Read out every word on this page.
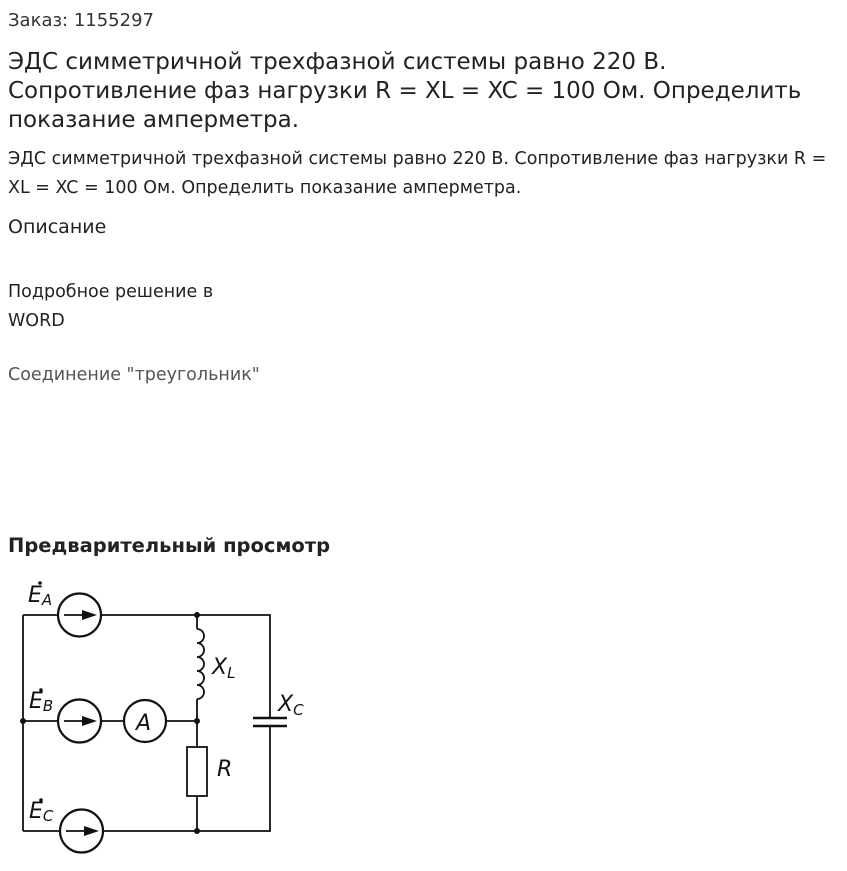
Заказ: 1155297
ЭДС симметричной трехфазной системы равно 220 В. Сопротивление фаз нагрузки R = XL = XC = 100 Ом. Определить показание амперметра.
ЭДС симметричной трехфазной системы равно 220 В. Сопротивление фаз нагрузки R = XL = XC = 100 Ом. Определить показание амперметра.
Описание
Подробное решение в WORD
Соединение "треугольник"
Предварительный просмотр
EA
EB
EC
A
XL
XC
R
